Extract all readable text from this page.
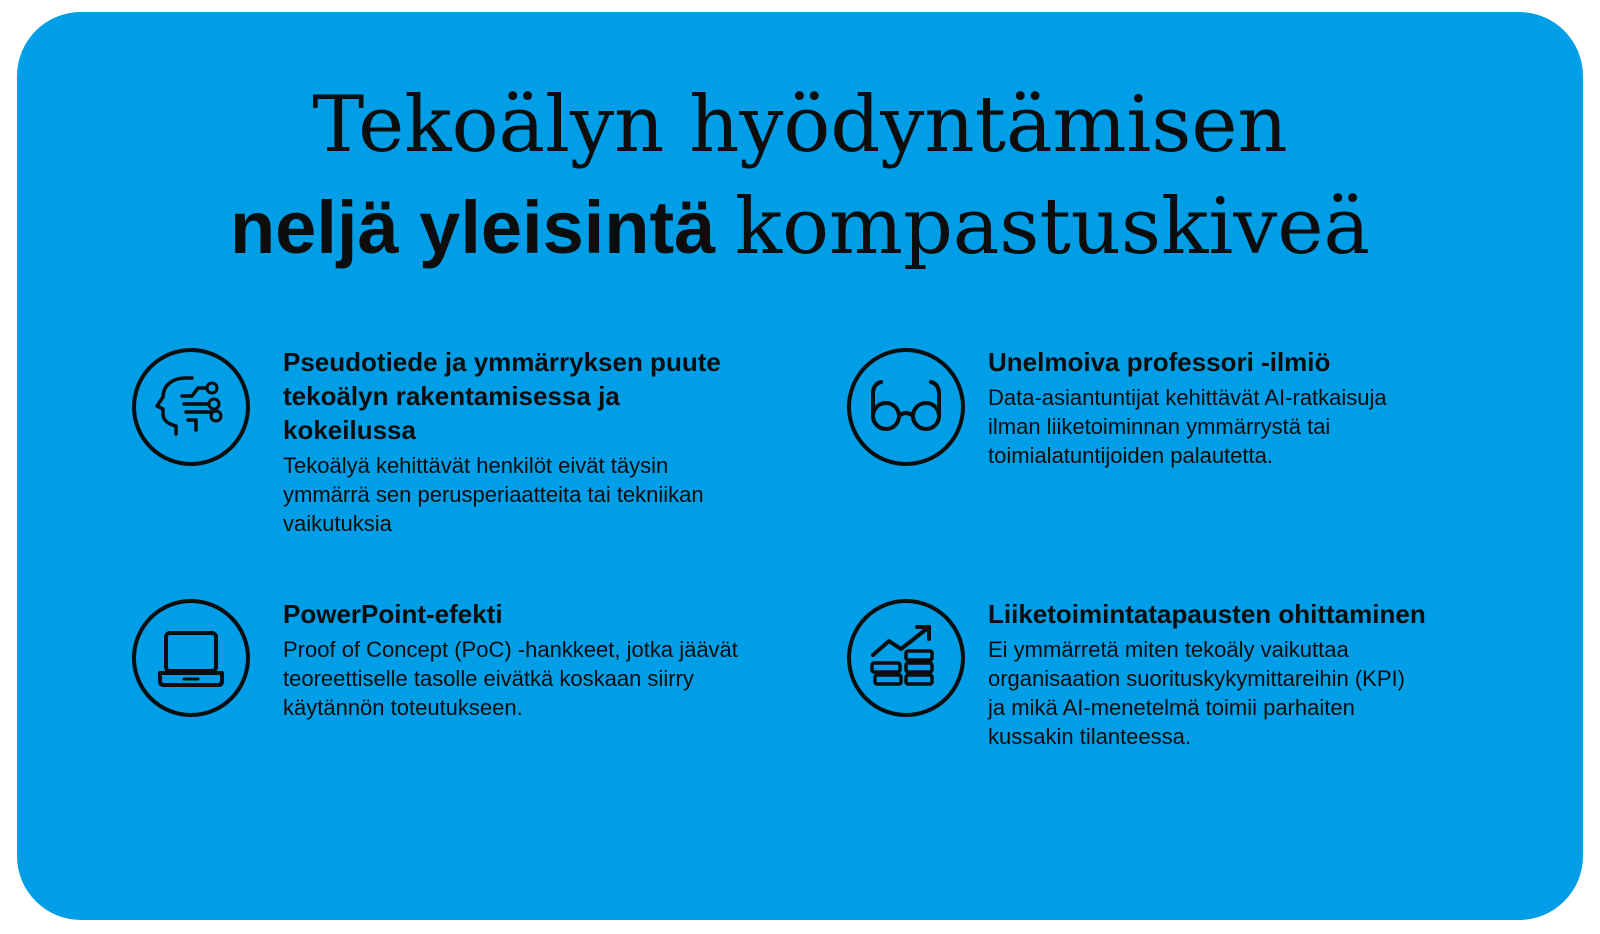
Tekoälyn hyödyntämisen
neljä yleisintä kompastuskiveä

Pseudotiede ja ymmärryksen puute tekoälyn rakentamisessa ja kokeilussa

Tekoälyä kehittävät henkilöt eivät täysin ymmärrä sen perusperiaatteita tai tekniikan vaikutuksia

Unelmoiva professori -ilmiö

Data-asiantuntijat kehittävät AI-ratkaisuja ilman liiketoiminnan ymmärrystä tai toimialatuntijoiden palautetta.

PowerPoint-efekti

Proof of Concept (PoC) -hankkeet, jotka jäävät teoreettiselle tasolle eivätkä koskaan siirry käytännön toteutukseen.

Liiketoimintatapausten ohittaminen

Ei ymmärretä miten tekoäly vaikuttaa organisaation suorituskykymittareihin (KPI) ja mikä AI-menetelmä toimii parhaiten kussakin tilanteessa.
